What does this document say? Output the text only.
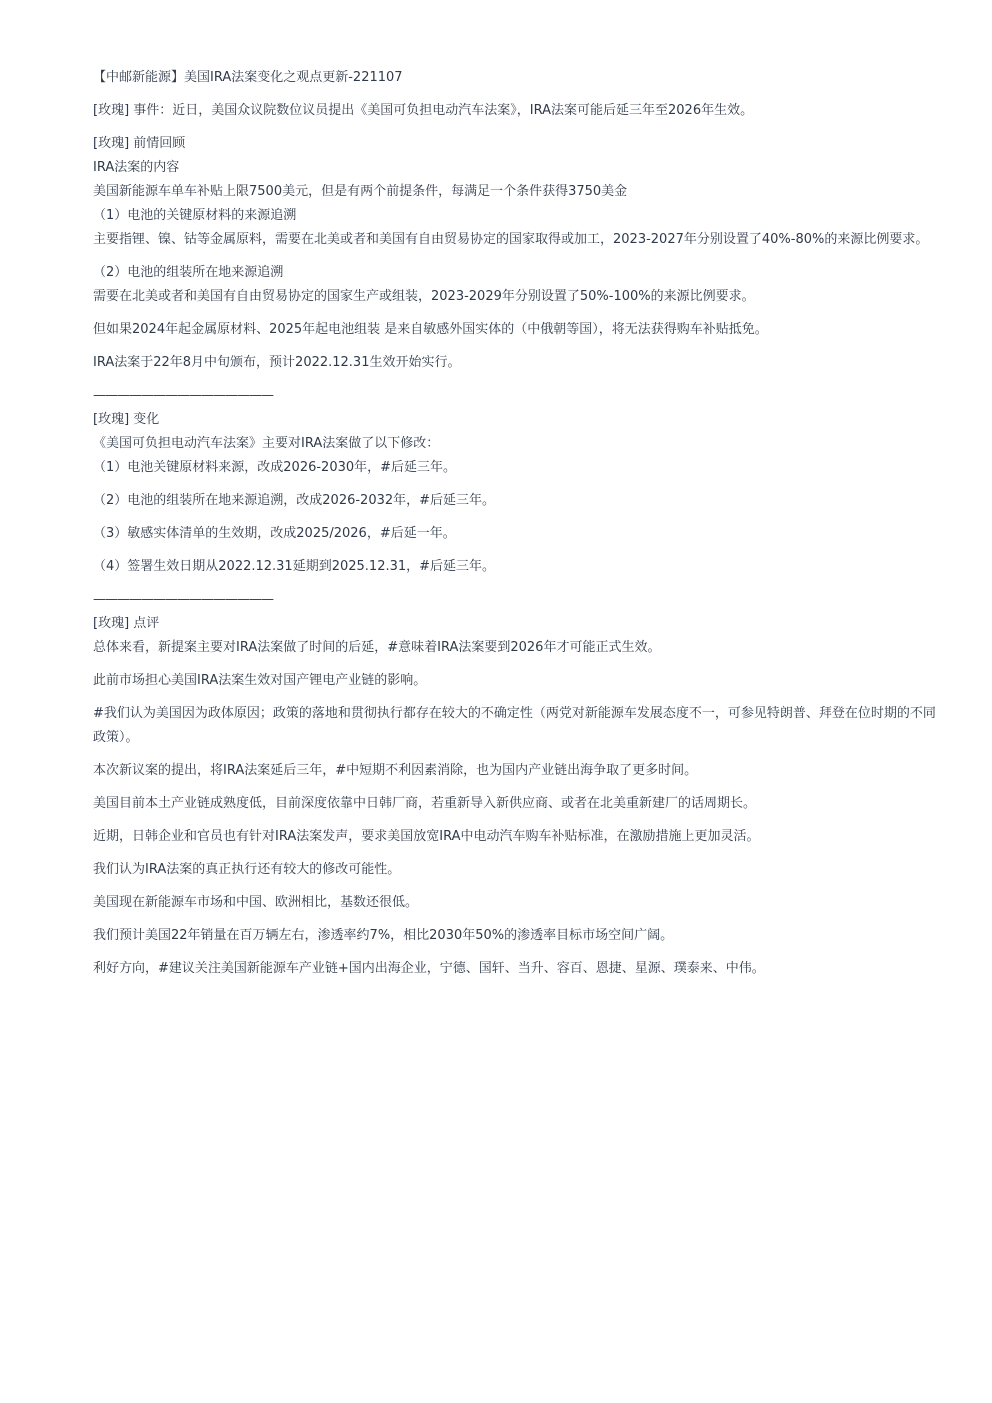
【中邮新能源】美国IRA法案变化之观点更新-221107

[玫瑰] 事件：近日，美国众议院数位议员提出《美国可负担电动汽车法案》，IRA法案可能后延三年至2026年生效。

[玫瑰] 前情回顾

IRA法案的内容

美国新能源车单车补贴上限7500美元，但是有两个前提条件，每满足一个条件获得3750美金

（1）电池的关键原材料的来源追溯

主要指锂、镍、钴等金属原料，需要在北美或者和美国有自由贸易协定的国家取得或加工，2023-2027年分别设置了40%-80%的来源比例要求。

（2）电池的组装所在地来源追溯

需要在北美或者和美国有自由贸易协定的国家生产或组装，2023-2029年分别设置了50%-100%的来源比例要求。

但如果2024年起金属原材料、2025年起电池组装 是来自敏感外国实体的（中俄朝等国），将无法获得购车补贴抵免。

IRA法案于22年8月中旬颁布，预计2022.12.31生效开始实行。

———————————————

[玫瑰] 变化

《美国可负担电动汽车法案》主要对IRA法案做了以下修改：

（1）电池关键原材料来源，改成2026-2030年，#后延三年。

（2）电池的组装所在地来源追溯，改成2026-2032年，#后延三年。

（3）敏感实体清单的生效期，改成2025/2026，#后延一年。

（4）签署生效日期从2022.12.31延期到2025.12.31，#后延三年。

———————————————

[玫瑰] 点评

总体来看，新提案主要对IRA法案做了时间的后延，#意味着IRA法案要到2026年才可能正式生效。

此前市场担心美国IRA法案生效对国产锂电产业链的影响。

#我们认为美国因为政体原因；政策的落地和贯彻执行都存在较大的不确定性（两党对新能源车发展态度不一，可参见特朗普、拜登在位时期的不同政策）。

本次新议案的提出，将IRA法案延后三年，#中短期不利因素消除，也为国内产业链出海争取了更多时间。

美国目前本土产业链成熟度低，目前深度依靠中日韩厂商，若重新导入新供应商、或者在北美重新建厂的话周期长。

近期，日韩企业和官员也有针对IRA法案发声，要求美国放宽IRA中电动汽车购车补贴标准，在激励措施上更加灵活。

我们认为IRA法案的真正执行还有较大的修改可能性。

美国现在新能源车市场和中国、欧洲相比，基数还很低。

我们预计美国22年销量在百万辆左右，渗透率约7%，相比2030年50%的渗透率目标市场空间广阔。

利好方向，#建议关注美国新能源车产业链+国内出海企业，宁德、国轩、当升、容百、恩捷、星源、璞泰来、中伟。
